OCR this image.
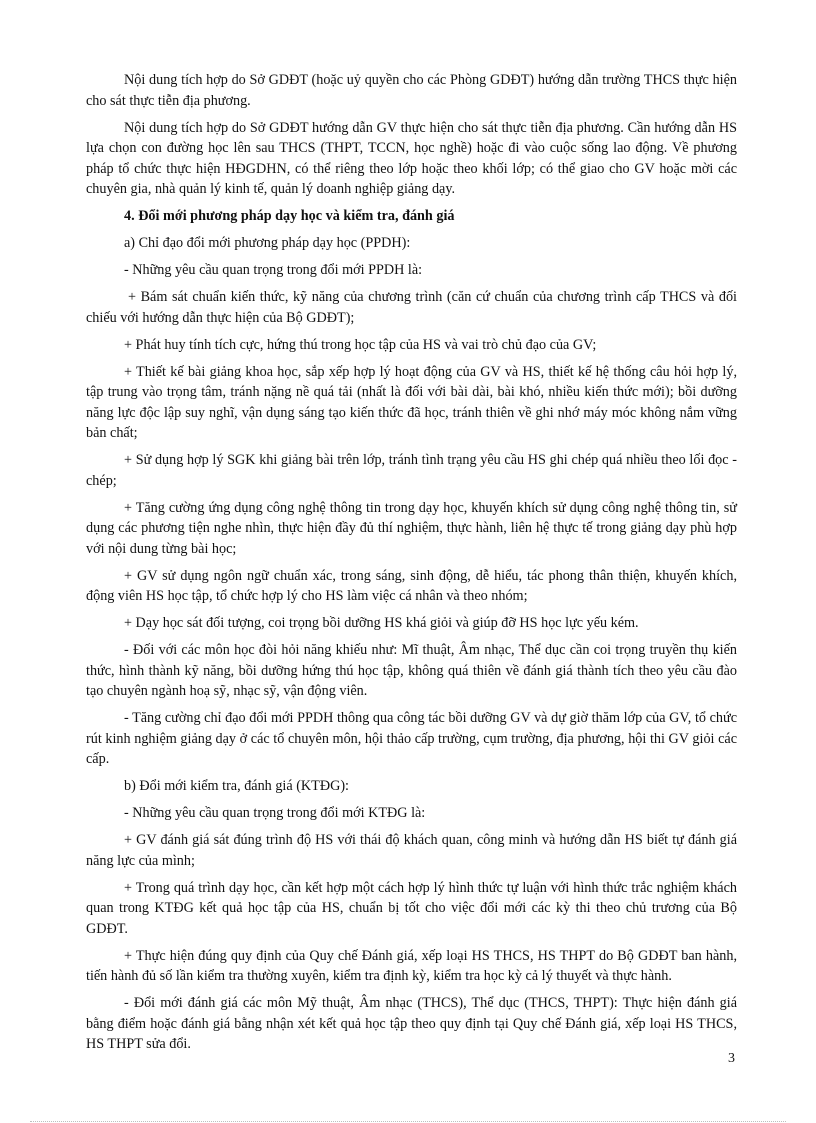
Nội dung tích hợp do Sở GDĐT (hoặc uỷ quyền cho các Phòng GDĐT) hướng dẫn trường THCS thực hiện cho sát thực tiễn địa phương.

Nội dung tích hợp do Sở GDĐT hướng dẫn GV thực hiện cho sát thực tiễn địa phương. Cần hướng dẫn HS lựa chọn con đường học lên sau THCS (THPT, TCCN, học nghề) hoặc đi vào cuộc sống lao động. Về phương pháp tổ chức thực hiện HĐGDHN, có thể riêng theo lớp hoặc theo khối lớp; có thể giao cho GV hoặc mời các chuyên gia, nhà quản lý kinh tế, quản lý doanh nghiệp giảng dạy.

4. Đổi mới phương pháp dạy học và kiểm tra, đánh giá

a) Chỉ đạo đổi mới phương pháp dạy học (PPDH):

- Những yêu cầu quan trọng trong đổi mới PPDH là:

+ Bám sát chuẩn kiến thức, kỹ năng của chương trình (căn cứ chuẩn của chương trình cấp THCS và đối chiếu với hướng dẫn thực hiện của Bộ GDĐT);

+ Phát huy tính tích cực, hứng thú trong học tập của HS và vai trò chủ đạo của GV;

+ Thiết kế bài giảng khoa học, sắp xếp hợp lý hoạt động của GV và HS, thiết kế hệ thống câu hỏi hợp lý, tập trung vào trọng tâm, tránh nặng nề quá tải (nhất là đối với bài dài, bài khó, nhiều kiến thức mới); bồi dưỡng năng lực độc lập suy nghĩ, vận dụng sáng tạo kiến thức đã học, tránh thiên về ghi nhớ máy móc không nắm vững bản chất;

+ Sử dụng hợp lý SGK khi giảng bài trên lớp, tránh tình trạng yêu cầu HS ghi chép quá nhiều theo lối đọc - chép;

+ Tăng cường ứng dụng công nghệ thông tin trong dạy học, khuyến khích sử dụng công nghệ thông tin, sử dụng các phương tiện nghe nhìn, thực hiện đầy đủ thí nghiệm, thực hành, liên hệ thực tế trong giảng dạy phù hợp với nội dung từng bài học;

+ GV sử dụng ngôn ngữ chuẩn xác, trong sáng, sinh động, dễ hiểu, tác phong thân thiện, khuyến khích, động viên HS học tập, tổ chức hợp lý cho HS làm việc cá nhân và theo nhóm;

+ Dạy học sát đối tượng, coi trọng bồi dưỡng HS khá giỏi và giúp đỡ HS học lực yếu kém.

- Đối với các môn học đòi hỏi năng khiếu như: Mĩ thuật, Âm nhạc, Thể dục cần coi trọng truyền thụ kiến thức, hình thành kỹ năng, bồi dưỡng hứng thú học tập, không quá thiên về đánh giá thành tích theo yêu cầu đào tạo chuyên ngành hoạ sỹ, nhạc sỹ, vận động viên.

- Tăng cường chỉ đạo đổi mới PPDH thông qua công tác bồi dưỡng GV và dự giờ thăm lớp của GV, tổ chức rút kinh nghiệm giảng dạy ở các tổ chuyên môn, hội thảo cấp trường, cụm trường, địa phương, hội thi GV giỏi các cấp.

b) Đổi mới kiểm tra, đánh giá (KTĐG):

- Những yêu cầu quan trọng trong đổi mới KTĐG là:

+ GV đánh giá sát đúng trình độ HS với thái độ khách quan, công minh và hướng dẫn HS biết tự đánh giá năng lực của mình;

+ Trong quá trình dạy học, cần kết hợp một cách hợp lý hình thức tự luận với hình thức trắc nghiệm khách quan trong KTĐG kết quả học tập của HS, chuẩn bị tốt cho việc đổi mới các kỳ thi theo chủ trương của Bộ GDĐT.

+ Thực hiện đúng quy định của Quy chế Đánh giá, xếp loại HS THCS, HS THPT do Bộ GDĐT ban hành, tiến hành đủ số lần kiểm tra thường xuyên, kiểm tra định kỳ, kiểm tra học kỳ cả lý thuyết và thực hành.

- Đổi mới đánh giá các môn Mỹ thuật, Âm nhạc (THCS), Thể dục (THCS, THPT): Thực hiện đánh giá bằng điểm hoặc đánh giá bằng nhận xét kết quả học tập theo quy định tại Quy chế Đánh giá, xếp loại HS THCS, HS THPT sửa đổi.

3
